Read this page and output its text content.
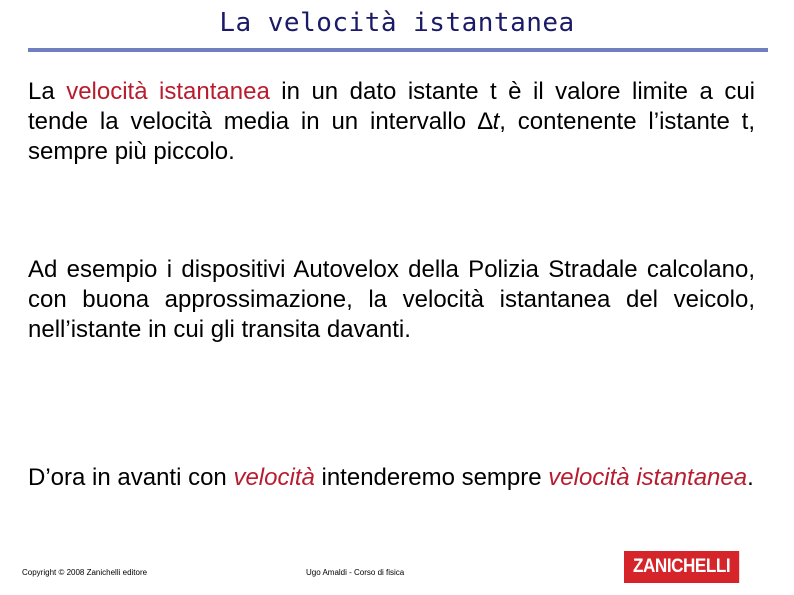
La velocità istantanea

La velocità istantanea in un dato istante t è il valore limite a cui tende la velocità media in un intervallo ∆t, contenente l’istante t, sempre più piccolo.

Ad esempio i dispositivi Autovelox della Polizia Stradale calcolano, con buona approssimazione, la velocità istantanea del veicolo, nell’istante in cui gli transita davanti.

D’ora in avanti con velocità intenderemo sempre velocità istantanea.

Copyright © 2008 Zanichelli editore	Ugo Amaldi - Corso di fisica	ZANICHELLI
